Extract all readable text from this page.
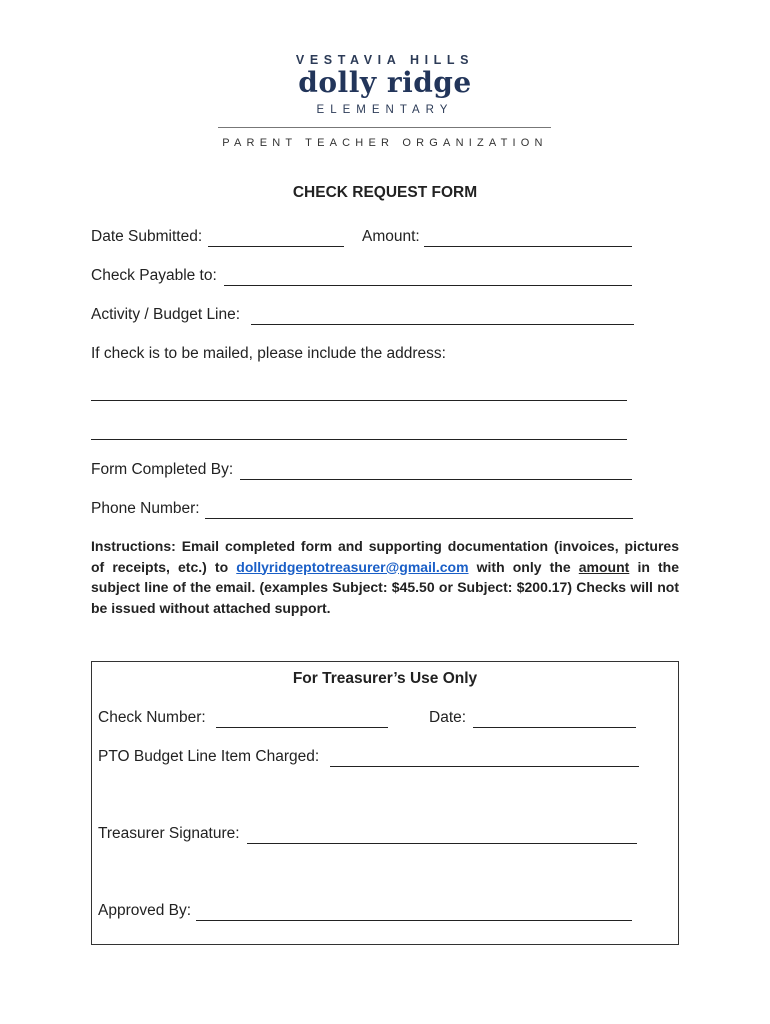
VESTAVIA HILLS
dolly ridge
ELEMENTARY
PARENT TEACHER ORGANIZATION
CHECK REQUEST FORM
Date Submitted:	Amount:
Check Payable to:
Activity / Budget Line:
If check is to be mailed, please include the address:
Form Completed By:
Phone Number:
Instructions: Email completed form and supporting documentation (invoices, pictures of receipts, etc.) to dollyridgeptotreasurer@gmail.com with only the amount in the subject line of the email. (examples Subject: $45.50 or Subject: $200.17) Checks will not be issued without attached support.
For Treasurer’s Use Only
Check Number:	Date:
PTO Budget Line Item Charged:
Treasurer Signature:
Approved By:
